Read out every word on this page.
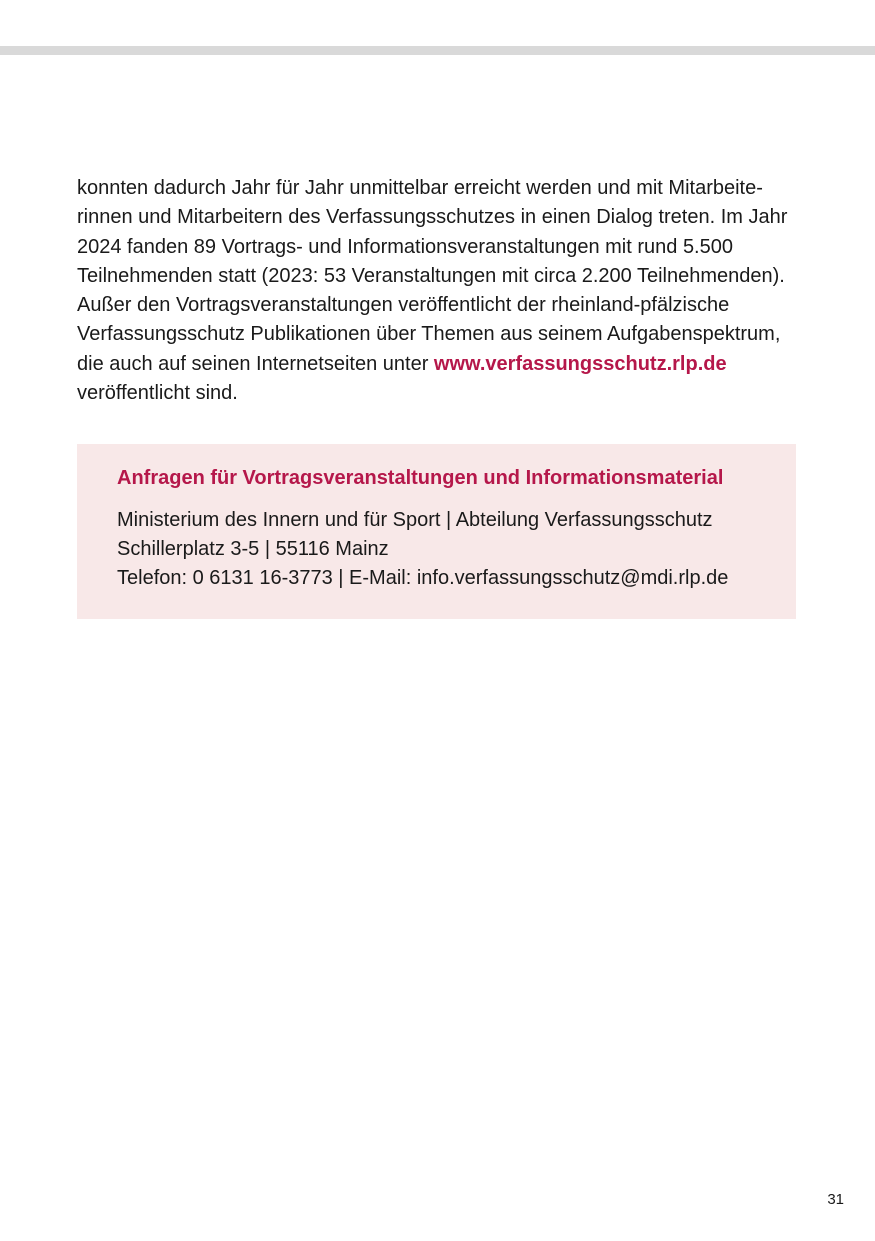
konnten dadurch Jahr für Jahr unmittelbar erreicht werden und mit Mitarbeite-
rinnen und Mitarbeitern des Verfassungsschutzes in einen Dialog treten. Im Jahr
2024 fanden 89 Vortrags- und Informationsveranstaltungen mit rund 5.500
Teilnehmenden statt (2023: 53 Veranstaltungen mit circa 2.200 Teilnehmenden).
Außer den Vortragsveranstaltungen veröffentlicht der rheinland-pfälzische
Verfassungsschutz Publikationen über Themen aus seinem Aufgabenspektrum,
die auch auf seinen Internetseiten unter www.verfassungsschutz.rlp.de
veröffentlicht sind.

Anfragen für Vortragsveranstaltungen und Informationsmaterial
Ministerium des Innern und für Sport | Abteilung Verfassungsschutz
Schillerplatz 3-5 | 55116 Mainz
Telefon: 0 6131 16-3773 | E-Mail: info.verfassungsschutz@mdi.rlp.de
31
